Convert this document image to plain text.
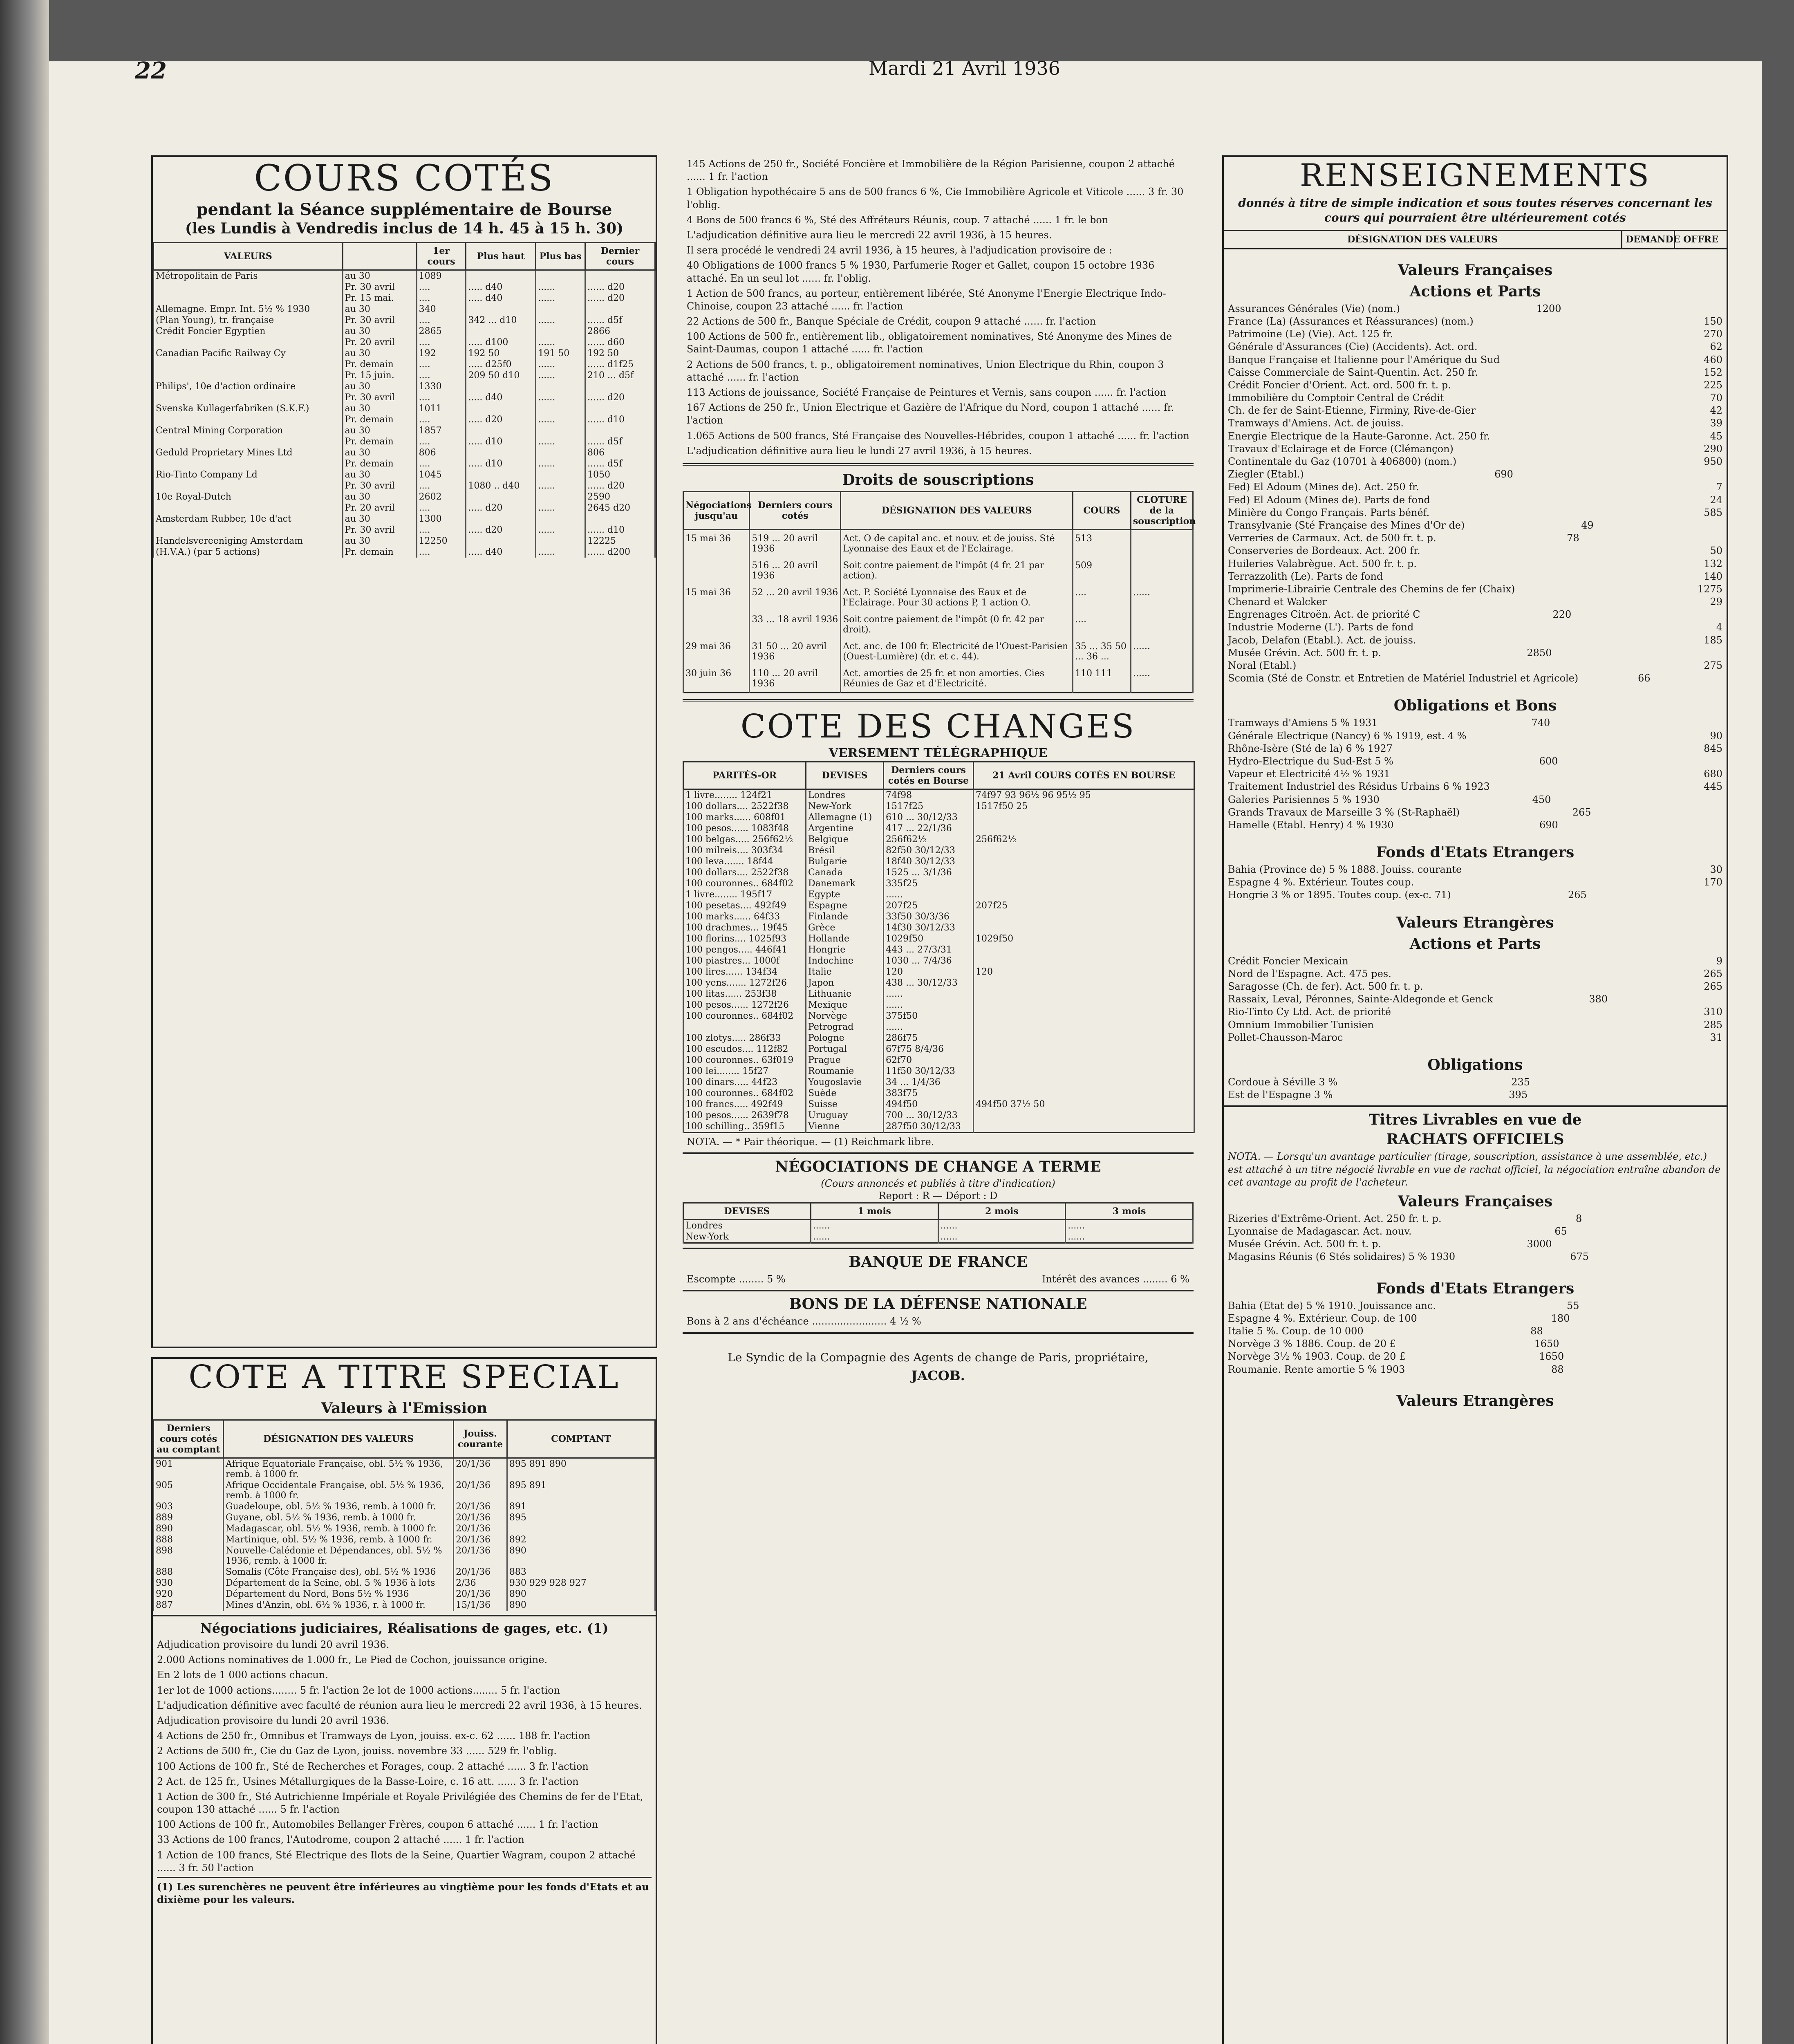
22	Mardi 21 Avril 1936
COURS COTÉS
pendant la Séance supplémentaire de Bourse
(les Lundis à Vendredis inclus de 14 h. 45 à 15 h. 30)
VALEURS		1er cours	Plus haut	Plus bas	Dernier cours
Métropolitain de Paris	au 30	1089			
	Pr. 30 avril	....	..... d40	......	...... d20
	Pr. 15 mai.	....	..... d40	......	...... d20
Allemagne. Empr. Int. 5½ % 1930	au 30	340			
(Plan Young), tr. française	Pr. 30 avril	....	342 ... d10	......	...... d5f
Crédit Foncier Egyptien	au 30	2865			2866
	Pr. 20 avril	....	..... d100	......	...... d60
Canadian Pacific Railway Cy	au 30	192	192 50	191 50	192 50
	Pr. demain	....	..... d25f0	......	...... d1f25
	Pr. 15 juin.	....	209 50 d10	......	210 ... d5f
Philips', 10e d'action ordinaire	au 30	1330			
	Pr. 30 avril	....	..... d40	......	...... d20
Svenska Kullagerfabriken (S.K.F.)	au 30	1011			
	Pr. demain	....	..... d20	......	...... d10
Central Mining Corporation	au 30	1857			
	Pr. demain	....	..... d10	......	...... d5f
Geduld Proprietary Mines Ltd	au 30	806			806
	Pr. demain	....	..... d10	......	...... d5f
Rio-Tinto Company Ld	au 30	1045			1050
	Pr. 30 avril	....	1080 .. d40	......	...... d20
10e Royal-Dutch	au 30	2602			2590
	Pr. 20 avril	....	..... d20	......	2645 d20
Amsterdam Rubber, 10e d'act	au 30	1300			
	Pr. 30 avril	....	..... d20	......	...... d10
Handelsvereeniging Amsterdam	au 30	12250			12225
(H.V.A.) (par 5 actions)	Pr. demain	....	..... d40	......	...... d200
COTE A TITRE SPECIAL
Valeurs à l'Emission
Derniers cours cotés au comptant	DÉSIGNATION DES VALEURS	Jouiss. courante	COMPTANT
901	Afrique Equatoriale Française, obl. 5½ % 1936, remb. à 1000 fr.	20/1/36	895 891 890
905	Afrique Occidentale Française, obl. 5½ % 1936, remb. à 1000 fr.	20/1/36	895 891
903	Guadeloupe, obl. 5½ % 1936, remb. à 1000 fr.	20/1/36	891
889	Guyane, obl. 5½ % 1936, remb. à 1000 fr.	20/1/36	895
890	Madagascar, obl. 5½ % 1936, remb. à 1000 fr.	20/1/36	
888	Martinique, obl. 5½ % 1936, remb. à 1000 fr.	20/1/36	892
898	Nouvelle-Calédonie et Dépendances, obl. 5½ % 1936, remb. à 1000 fr.	20/1/36	890
888	Somalis (Côte Française des), obl. 5½ % 1936	20/1/36	883
930	Département de la Seine, obl. 5 % 1936 à lots	2/36	930 929 928 927
920	Département du Nord, Bons 5½ % 1936	20/1/36	890
887	Mines d'Anzin, obl. 6½ % 1936, r. à 1000 fr.	15/1/36	890
Négociations judiciaires, Réalisations de gages, etc. (1)
Adjudication provisoire du lundi 20 avril 1936.
2.000 Actions nominatives de 1.000 fr., Le Pied de Cochon, jouissance origine.
En 2 lots de 1 000 actions chacun.
1er lot de 1000 actions........ 5 fr. l'action 2e lot de 1000 actions........ 5 fr. l'action
L'adjudication définitive avec faculté de réunion aura lieu le mercredi 22 avril 1936, à 15 heures.
Adjudication provisoire du lundi 20 avril 1936.
4 Actions de 250 fr., Omnibus et Tramways de Lyon, jouiss. ex-c. 62 ...... 188 fr. l'action
2 Actions de 500 fr., Cie du Gaz de Lyon, jouiss. novembre 33 ...... 529 fr. l'oblig.
100 Actions de 100 fr., Sté de Recherches et Forages, coup. 2 attaché ...... 3 fr. l'action
2 Act. de 125 fr., Usines Métallurgiques de la Basse-Loire, c. 16 att. ...... 3 fr. l'action
1 Action de 300 fr., Sté Autrichienne Impériale et Royale Privilégiée des Chemins de fer de l'Etat, coupon 130 attaché ...... 5 fr. l'action
100 Actions de 100 fr., Automobiles Bellanger Frères, coupon 6 attaché ...... 1 fr. l'action
33 Actions de 100 francs, l'Autodrome, coupon 2 attaché ...... 1 fr. l'action
1 Action de 100 francs, Sté Electrique des Ilots de la Seine, Quartier Wagram, coupon 2 attaché ...... 3 fr. 50 l'action
(1) Les surenchères ne peuvent être inférieures au vingtième pour les fonds d'Etats et au dixième pour les valeurs.
145 Actions de 250 fr., Société Foncière et Immobilière de la Région Parisienne, coupon 2 attaché ...... 1 fr. l'action
1 Obligation hypothécaire 5 ans de 500 francs 6 %, Cie Immobilière Agricole et Viticole ...... 3 fr. 30 l'oblig.
4 Bons de 500 francs 6 %, Sté des Affréteurs Réunis, coup. 7 attaché ...... 1 fr. le bon
L'adjudication définitive aura lieu le mercredi 22 avril 1936, à 15 heures.
Il sera procédé le vendredi 24 avril 1936, à 15 heures, à l'adjudication provisoire de :
40 Obligations de 1000 francs 5 % 1930, Parfumerie Roger et Gallet, coupon 15 octobre 1936 attaché. En un seul lot ...... fr. l'oblig.
1 Action de 500 francs, au porteur, entièrement libérée, Sté Anonyme l'Energie Electrique Indo-Chinoise, coupon 23 attaché ...... fr. l'action
22 Actions de 500 fr., Banque Spéciale de Crédit, coupon 9 attaché ...... fr. l'action
100 Actions de 500 fr., entièrement lib., obligatoirement nominatives, Sté Anonyme des Mines de Saint-Daumas, coupon 1 attaché ...... fr. l'action
2 Actions de 500 francs, t. p., obligatoirement nominatives, Union Electrique du Rhin, coupon 3 attaché ...... fr. l'action
113 Actions de jouissance, Société Française de Peintures et Vernis, sans coupon ...... fr. l'action
167 Actions de 250 fr., Union Electrique et Gazière de l'Afrique du Nord, coupon 1 attaché ...... fr. l'action
1.065 Actions de 500 francs, Sté Française des Nouvelles-Hébrides, coupon 1 attaché ...... fr. l'action
L'adjudication définitive aura lieu le lundi 27 avril 1936, à 15 heures.
Droits de souscriptions
Négociations jusqu'au	Derniers cours cotés	DÉSIGNATION DES VALEURS	COURS	CLOTURE de la souscription
15 mai 36	519 ... 20 avril 1936	Act. O de capital anc. et nouv. et de jouiss. Sté Lyonnaise des Eaux et de l'Eclairage.	513	
	516 ... 20 avril 1936	Soit contre paiement de l'impôt (4 fr. 21 par action).	509	
15 mai 36	52 ... 20 avril 1936	Act. P. Société Lyonnaise des Eaux et de l'Eclairage. Pour 30 actions P, 1 action O.	....	......
	33 ... 18 avril 1936	Soit contre paiement de l'impôt (0 fr. 42 par droit).	....	
29 mai 36	31 50 ... 20 avril 1936	Act. anc. de 100 fr. Electricité de l'Ouest-Parisien (Ouest-Lumière) (dr. et c. 44).	35 ... 35 50 ... 36 ...	......
30 juin 36	110 ... 20 avril 1936	Act. amorties de 25 fr. et non amorties. Cies Réunies de Gaz et d'Electricité.	110 111	......
COTE DES CHANGES
VERSEMENT TÉLÉGRAPHIQUE
PARITÉS-OR	DEVISES	Derniers cours cotés en Bourse	21 Avril COURS COTÉS EN BOURSE
1 livre........ 124f21	Londres	74f98	74f97 93 96½ 96 95½ 95
100 dollars.... 2522f38	New-York	1517f25	1517f50 25
100 marks...... 608f01	Allemagne (1)	610 ... 30/12/33	
100 pesos...... 1083f48	Argentine	417 ... 22/1/36	
100 belgas..... 256f62½	Belgique	256f62½	256f62½
100 milreis.... 303f34	Brésil	82f50 30/12/33	
100 leva....... 18f44	Bulgarie	18f40 30/12/33	
100 dollars.... 2522f38	Canada	1525 ... 3/1/36	
100 couronnes.. 684f02	Danemark	335f25	
1 livre........ 195f17	Egypte	......	
100 pesetas.... 492f49	Espagne	207f25	207f25
100 marks...... 64f33	Finlande	33f50 30/3/36	
100 drachmes... 19f45	Grèce	14f30 30/12/33	
100 florins.... 1025f93	Hollande	1029f50	1029f50
100 pengos..... 446f41	Hongrie	443 ... 27/3/31	
100 piastres... 1000f	Indochine	1030 ... 7/4/36	
100 lires...... 134f34	Italie	120	120
100 yens....... 1272f26	Japon	438 ... 30/12/33	
100 litas...... 253f38	Lithuanie	......	
100 pesos...... 1272f26	Mexique	......	
100 couronnes.. 684f02	Norvège	375f50	
	Petrograd	......	
100 zlotys..... 286f33	Pologne	286f75	
100 escudos.... 112f82	Portugal	67f75 8/4/36	
100 couronnes.. 63f019	Prague	62f70	
100 lei........ 15f27	Roumanie	11f50 30/12/33	
100 dinars..... 44f23	Yougoslavie	34 ... 1/4/36	
100 couronnes.. 684f02	Suède	383f75	
100 francs..... 492f49	Suisse	494f50	494f50 37½ 50
100 pesos...... 2639f78	Uruguay	700 ... 30/12/33	
100 schilling.. 359f15	Vienne	287f50 30/12/33	
NOTA. — * Pair théorique. — (1) Reichmark libre.
NÉGOCIATIONS DE CHANGE A TERME
(Cours annoncés et publiés à titre d'indication)
Report : R — Déport : D
DEVISES	1 mois	2 mois	3 mois
Londres	......	......	......
New-York	......	......	......
BANQUE DE FRANCE
Escompte ........ 5 %	Intérêt des avances ........ 6 %
BONS DE LA DÉFENSE NATIONALE
Bons à 2 ans d'échéance ........................ 4 ½ %
Le Syndic de la Compagnie des Agents de change de Paris, propriétaire,
JACOB.
RENSEIGNEMENTS
donnés à titre de simple indication et sous toutes réserves concernant les cours qui pourraient être ultérieurement cotés
DÉSIGNATION DES VALEURS	DEMANDE OFFRE
Valeurs Françaises
Actions et Parts
Assurances Générales (Vie) (nom.)	1200
France (La) (Assurances et Réassurances) (nom.)	150
Patrimoine (Le) (Vie). Act. 125 fr.	270
Générale d'Assurances (Cie) (Accidents). Act. ord.	62
Banque Française et Italienne pour l'Amérique du Sud	460
Caisse Commerciale de Saint-Quentin. Act. 250 fr.	152
Crédit Foncier d'Orient. Act. ord. 500 fr. t. p.	225
Immobilière du Comptoir Central de Crédit	70
Ch. de fer de Saint-Etienne, Firminy, Rive-de-Gier	42
Tramways d'Amiens. Act. de jouiss.	39
Energie Electrique de la Haute-Garonne. Act. 250 fr.	45
Travaux d'Eclairage et de Force (Clémançon)	290
Continentale du Gaz (10701 à 406800) (nom.)	950
Ziegler (Etabl.)	690
Fed) El Adoum (Mines de). Act. 250 fr.	7
Fed) El Adoum (Mines de). Parts de fond	24
Minière du Congo Français. Parts bénéf.	585
Transylvanie (Sté Française des Mines d'Or de)	49
Verreries de Carmaux. Act. de 500 fr. t. p.	78
Conserveries de Bordeaux. Act. 200 fr.	50
Huileries Valabrègue. Act. 500 fr. t. p.	132
Terrazzolith (Le). Parts de fond	140
Imprimerie-Librairie Centrale des Chemins de fer (Chaix)	1275
Chenard et Walcker	29
Engrenages Citroën. Act. de priorité C	220
Industrie Moderne (L'). Parts de fond	4
Jacob, Delafon (Etabl.). Act. de jouiss.	185
Musée Grévin. Act. 500 fr. t. p.	2850
Noral (Etabl.)	275
Scomia (Sté de Constr. et Entretien de Matériel Industriel et Agricole)	66
Obligations et Bons
Tramways d'Amiens 5 % 1931	740
Générale Electrique (Nancy) 6 % 1919, est. 4 %	90
Rhône-Isère (Sté de la) 6 % 1927	845
Hydro-Electrique du Sud-Est 5 %	600
Vapeur et Electricité 4½ % 1931	680
Traitement Industriel des Résidus Urbains 6 % 1923	445
Galeries Parisiennes 5 % 1930	450
Grands Travaux de Marseille 3 % (St-Raphaël)	265
Hamelle (Etabl. Henry) 4 % 1930	690
Fonds d'Etats Etrangers
Bahia (Province de) 5 % 1888. Jouiss. courante	30
Espagne 4 %. Extérieur. Toutes coup.	170
Hongrie 3 % or 1895. Toutes coup. (ex-c. 71)	265
Valeurs Etrangères
Actions et Parts
Crédit Foncier Mexicain	9
Nord de l'Espagne. Act. 475 pes.	265
Saragosse (Ch. de fer). Act. 500 fr. t. p.	265
Rassaix, Leval, Péronnes, Sainte-Aldegonde et Genck	380
Rio-Tinto Cy Ltd. Act. de priorité	310
Omnium Immobilier Tunisien	285
Pollet-Chausson-Maroc	31
Obligations
Cordoue à Séville 3 %	235
Est de l'Espagne 3 %	395
Titres Livrables en vue de
RACHATS OFFICIELS
NOTA. — Lorsqu'un avantage particulier (tirage, souscription, assistance à une assemblée, etc.) est attaché à un titre négocié livrable en vue de rachat officiel, la négociation entraîne abandon de cet avantage au profit de l'acheteur.
Valeurs Françaises
Rizeries d'Extrême-Orient. Act. 250 fr. t. p.	8
Lyonnaise de Madagascar. Act. nouv.	65
Musée Grévin. Act. 500 fr. t. p.	3000
Magasins Réunis (6 Stés solidaires) 5 % 1930	675
Fonds d'Etats Etrangers
Bahia (Etat de) 5 % 1910. Jouissance anc.	55
Espagne 4 %. Extérieur. Coup. de 100	180
Italie 5 %. Coup. de 10 000	88
Norvège 3 % 1886. Coup. de 20 £	1650
Norvège 3½ % 1903. Coup. de 20 £	1650
Roumanie. Rente amortie 5 % 1903	88
Valeurs Etrangères
